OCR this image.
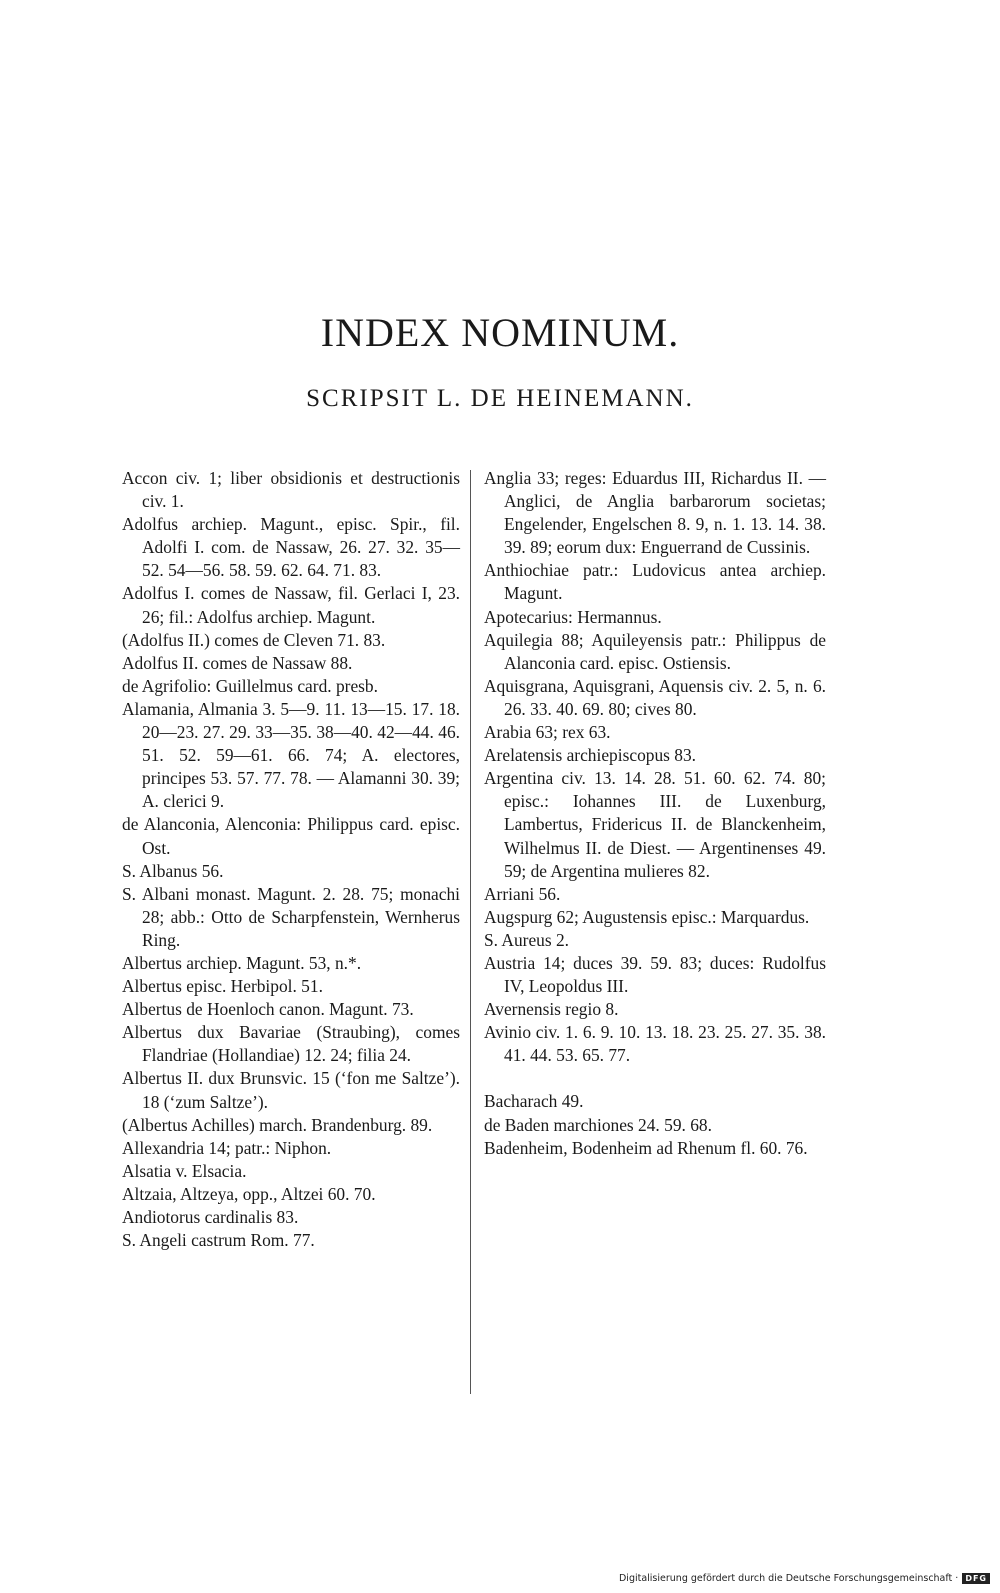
INDEX NOMINUM.
SCRIPSIT L. DE HEINEMANN.

Accon civ. 1; liber obsidionis et destructionis civ. 1.

Adolfus archiep. Magunt., episc. Spir., fil. Adolfi I. com. de Nassaw, 26. 27. 32. 35—52. 54—56. 58. 59. 62. 64. 71. 83.

Adolfus I. comes de Nassaw, fil. Gerlaci I, 23. 26; fil.: Adolfus archiep. Magunt.

(Adolfus II.) comes de Cleven 71. 83.

Adolfus II. comes de Nassaw 88.

de Agrifolio: Guillelmus card. presb.

Alamania, Almania 3. 5—9. 11. 13—15. 17. 18. 20—23. 27. 29. 33—35. 38—40. 42—44. 46. 51. 52. 59—61. 66. 74; A. electores, principes 53. 57. 77. 78. — Alamanni 30. 39; A. clerici 9.

de Alanconia, Alenconia: Philippus card. episc. Ost.

S. Albanus 56.

S. Albani monast. Magunt. 2. 28. 75; monachi 28; abb.: Otto de Scharpfenstein, Wernherus Ring.

Albertus archiep. Magunt. 53, n.*.

Albertus episc. Herbipol. 51.

Albertus de Hoenloch canon. Magunt. 73.

Albertus dux Bavariae (Straubing), comes Flandriae (Hollandiae) 12. 24; filia 24.

Albertus II. dux Brunsvic. 15 (‘fon me Saltze’). 18 (‘zum Saltze’).

(Albertus Achilles) march. Brandenburg. 89.

Allexandria 14; patr.: Niphon.

Alsatia v. Elsacia.

Altzaia, Altzeya, opp., Altzei 60. 70.

Andiotorus cardinalis 83.

S. Angeli castrum Rom. 77.

Anglia 33; reges: Eduardus III, Richardus II. — Anglici, de Anglia barbarorum societas; Engelender, Engelschen 8. 9, n. 1. 13. 14. 38. 39. 89; eorum dux: Enguerrand de Cussinis.

Anthiochiae patr.: Ludovicus antea archiep. Magunt.

Apotecarius: Hermannus.

Aquilegia 88; Aquileyensis patr.: Philippus de Alanconia card. episc. Ostiensis.

Aquisgrana, Aquisgrani, Aquensis civ. 2. 5, n. 6. 26. 33. 40. 69. 80; cives 80.

Arabia 63; rex 63.

Arelatensis archiepiscopus 83.

Argentina civ. 13. 14. 28. 51. 60. 62. 74. 80; episc.: Iohannes III. de Luxenburg, Lambertus, Fridericus II. de Blanckenheim, Wilhelmus II. de Diest. — Argentinenses 49. 59; de Argentina mulieres 82.

Arriani 56.

Augspurg 62; Augustensis episc.: Marquardus.

S. Aureus 2.

Austria 14; duces 39. 59. 83; duces: Rudolfus IV, Leopoldus III.

Avernensis regio 8.

Avinio civ. 1. 6. 9. 10. 13. 18. 23. 25. 27. 35. 38. 41. 44. 53. 65. 77.

Bacharach 49.

de Baden marchiones 24. 59. 68.

Badenheim, Bodenheim ad Rhenum fl. 60. 76.

Digitalisierung gefördert durch die Deutsche Forschungsgemeinschaft · DFG
